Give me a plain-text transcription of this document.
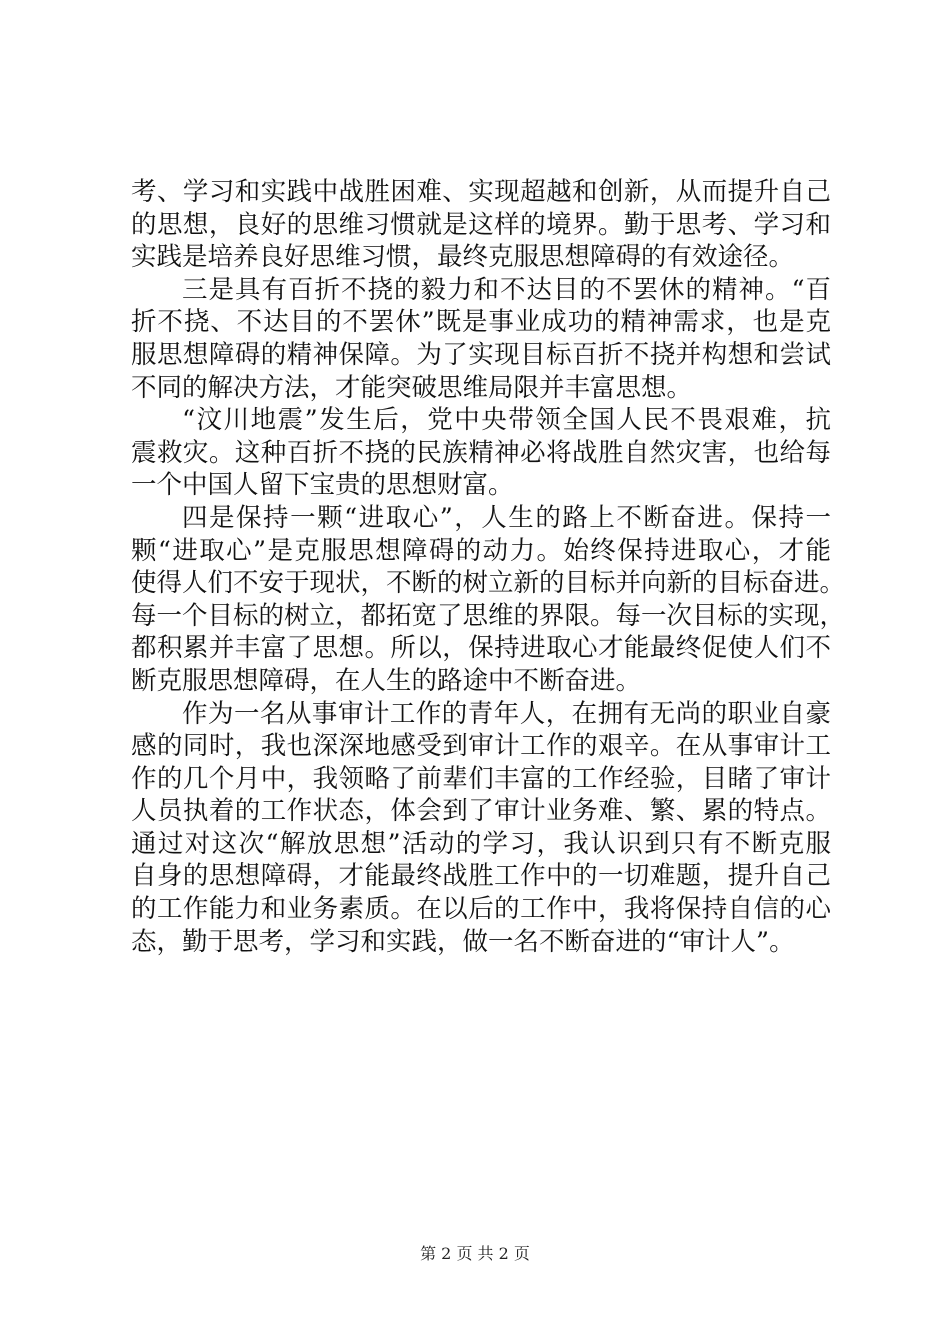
考、学习和实践中战胜困难、实现超越和创新，从而提升自己
的思想，良好的思维习惯就是这样的境界。勤于思考、学习和
实践是培养良好思维习惯，最终克服思想障碍的有效途径。
三是具有百折不挠的毅力和不达目的不罢休的精神。“百
折不挠、不达目的不罢休”既是事业成功的精神需求，也是克
服思想障碍的精神保障。为了实现目标百折不挠并构想和尝试
不同的解决方法，才能突破思维局限并丰富思想。
“汶川地震”发生后，党中央带领全国人民不畏艰难，抗
震救灾。这种百折不挠的民族精神必将战胜自然灾害，也给每
一个中国人留下宝贵的思想财富。
四是保持一颗“进取心”，人生的路上不断奋进。保持一
颗“进取心”是克服思想障碍的动力。始终保持进取心，才能
使得人们不安于现状，不断的树立新的目标并向新的目标奋进。
每一个目标的树立，都拓宽了思维的界限。每一次目标的实现，
都积累并丰富了思想。所以，保持进取心才能最终促使人们不
断克服思想障碍，在人生的路途中不断奋进。
作为一名从事审计工作的青年人，在拥有无尚的职业自豪
感的同时，我也深深地感受到审计工作的艰辛。在从事审计工
作的几个月中，我领略了前辈们丰富的工作经验，目睹了审计
人员执着的工作状态，体会到了审计业务难、繁、累的特点。
通过对这次“解放思想”活动的学习，我认识到只有不断克服
自身的思想障碍，才能最终战胜工作中的一切难题，提升自己
的工作能力和业务素质。在以后的工作中，我将保持自信的心
态，勤于思考，学习和实践，做一名不断奋进的“审计人”。
第 2 页 共 2 页
